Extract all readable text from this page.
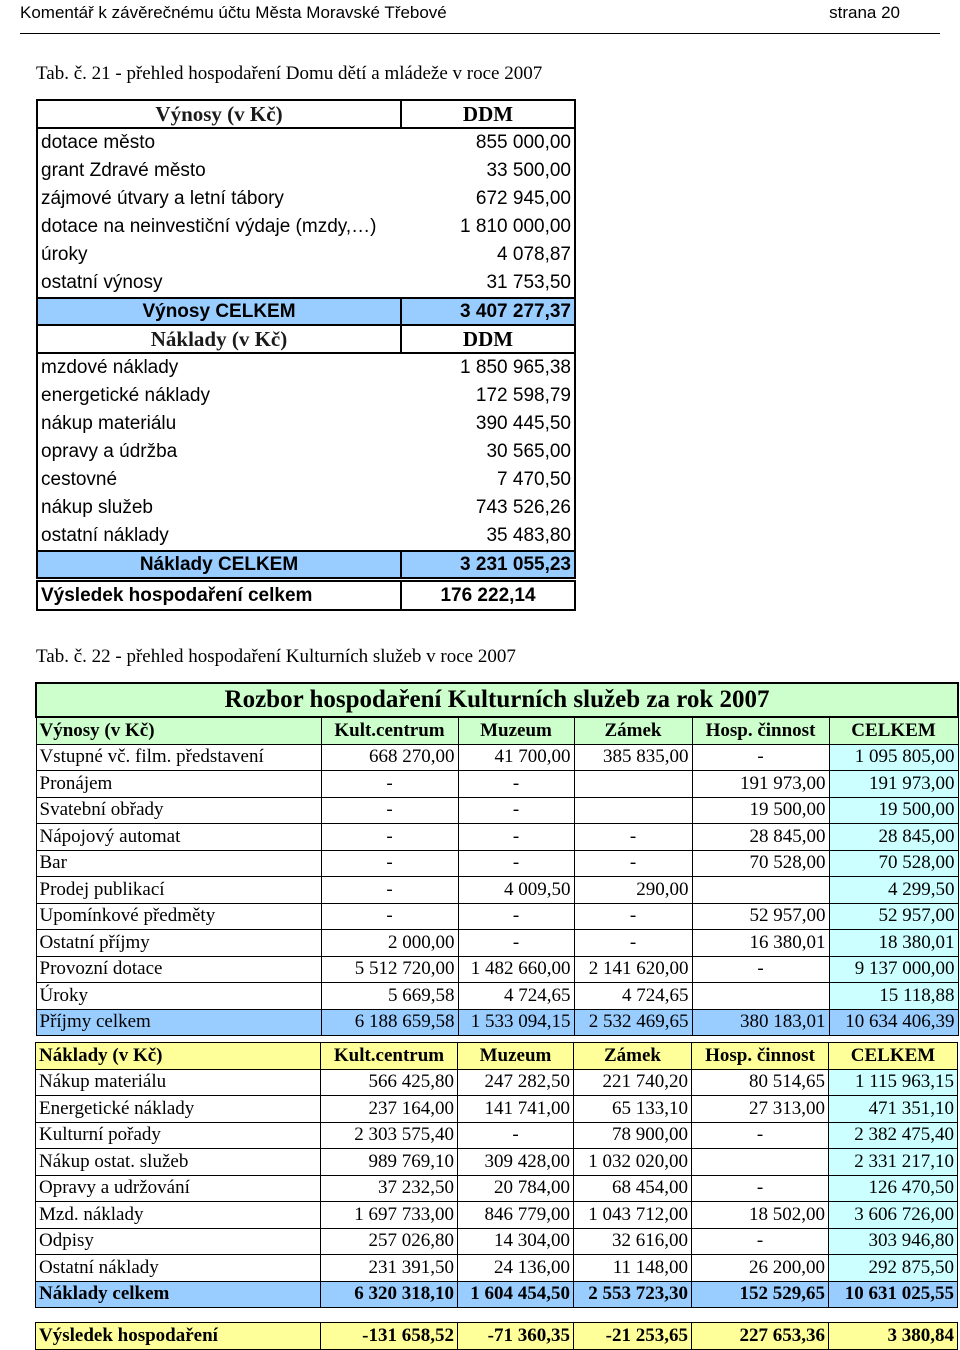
Komentář k závěrečnému účtu Města Moravské Třebové	strana 20
Tab. č. 21 - přehled hospodaření Domu dětí a mládeže v roce 2007
Výnosy (v Kč)	DDM
dotace město	855 000,00
grant Zdravé město	33 500,00
zájmové útvary a letní tábory	672 945,00
dotace na neinvestiční výdaje (mzdy,…)	1 810 000,00
úroky	4 078,87
ostatní výnosy	31 753,50
Výnosy CELKEM	3 407 277,37
Náklady (v Kč)	DDM
mzdové náklady	1 850 965,38
energetické náklady	172 598,79
nákup materiálu	390 445,50
opravy a údržba	30 565,00
cestovné	7 470,50
nákup služeb	743 526,26
ostatní náklady	35 483,80
Náklady CELKEM	3 231 055,23
Výsledek hospodaření celkem	176 222,14
Tab. č. 22 - přehled hospodaření Kulturních služeb v roce 2007
Rozbor hospodaření Kulturních služeb za rok 2007					
Výnosy (v Kč)	Kult.centrum	Muzeum	Zámek	Hosp. činnost	CELKEM
Vstupné vč. film. představení	668 270,00	41 700,00	385 835,00	-	1 095 805,00
Pronájem	-	-		191 973,00	191 973,00
Svatební obřady	-	-		19 500,00	19 500,00
Nápojový automat	-	-	-	28 845,00	28 845,00
Bar	-	-	-	70 528,00	70 528,00
Prodej publikací	-	4 009,50	290,00		4 299,50
Upomínkové předměty	-	-	-	52 957,00	52 957,00
Ostatní příjmy	2 000,00	-	-	16 380,01	18 380,01
Provozní dotace	5 512 720,00	1 482 660,00	2 141 620,00	-	9 137 000,00
Úroky	5 669,58	4 724,65	4 724,65		15 118,88
Příjmy celkem	6 188 659,58	1 533 094,15	2 532 469,65	380 183,01	10 634 406,39
Náklady (v Kč)	Kult.centrum	Muzeum	Zámek	Hosp. činnost	CELKEM
Nákup materiálu	566 425,80	247 282,50	221 740,20	80 514,65	1 115 963,15
Energetické náklady	237 164,00	141 741,00	65 133,10	27 313,00	471 351,10
Kulturní pořady	2 303 575,40	-	78 900,00	-	2 382 475,40
Nákup ostat. služeb	989 769,10	309 428,00	1 032 020,00		2 331 217,10
Opravy a udržování	37 232,50	20 784,00	68 454,00	-	126 470,50
Mzd. náklady	1 697 733,00	846 779,00	1 043 712,00	18 502,00	3 606 726,00
Odpisy	257 026,80	14 304,00	32 616,00	-	303 946,80
Ostatní náklady	231 391,50	24 136,00	11 148,00	26 200,00	292 875,50
Náklady celkem	6 320 318,10	1 604 454,50	2 553 723,30	152 529,65	10 631 025,55
Výsledek hospodaření	-131 658,52	-71 360,35	-21 253,65	227 653,36	3 380,84
